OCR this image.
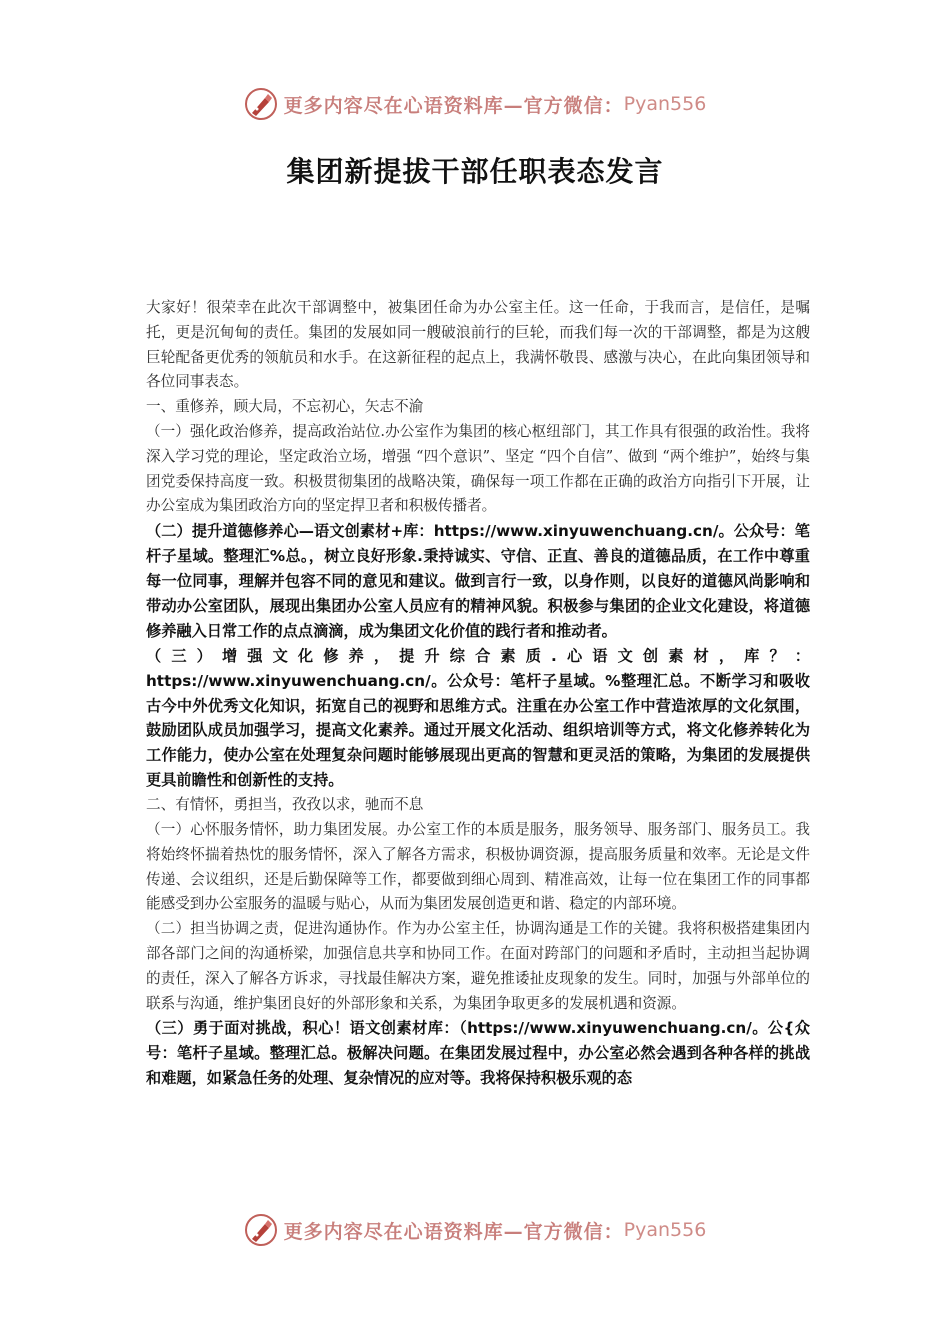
更多内容尽在心语资料库—官方微信： Pyan556
集团新提拔干部任职表态发言

大家好！很荣幸在此次干部调整中，被集团任命为办公室主任。这一任命，于我而言，是信任，是嘱托，更是沉甸甸的责任。集团的发展如同一艘破浪前行的巨轮，而我们每一次的干部调整，都是为这艘巨轮配备更优秀的领航员和水手。在这新征程的起点上，我满怀敬畏、感激与决心，在此向集团领导和各位同事表态。

一、重修养，顾大局，不忘初心，矢志不渝

（一）强化政治修养，提高政治站位.办公室作为集团的核心枢纽部门，其工作具有很强的政治性。我将深入学习党的理论，坚定政治立场，增强 “四个意识”、坚定 “四个自信”、做到 “两个维护”，始终与集团党委保持高度一致。积极贯彻集团的战略决策，确保每一项工作都在正确的政治方向指引下开展，让办公室成为集团政治方向的坚定捍卫者和积极传播者。

（二）提升道德修养心—语文创素材+库：https://www.xinyuwenchuang.cn/。公众号：笔杆子星域。整理汇%总。，树立良好形象.秉持诚实、守信、正直、善良的道德品质，在工作中尊重每一位同事，理解并包容不同的意见和建议。做到言行一致，以身作则，以良好的道德风尚影响和带动办公室团队，展现出集团办公室人员应有的精神风貌。积极参与集团的企业文化建设，将道德修养融入日常工作的点点滴滴，成为集团文化价值的践行者和推动者。

（三）增强文化修养，提升综合素质.心语文创素材，库？：https://www.xinyuwenchuang.cn/。公众号：笔杆子星域。%整理汇总。不断学习和吸收古今中外优秀文化知识，拓宽自己的视野和思维方式。注重在办公室工作中营造浓厚的文化氛围，鼓励团队成员加强学习，提高文化素养。通过开展文化活动、组织培训等方式，将文化修养转化为工作能力，使办公室在处理复杂问题时能够展现出更高的智慧和更灵活的策略，为集团的发展提供更具前瞻性和创新性的支持。

二、有情怀，勇担当，孜孜以求，驰而不息

（一）心怀服务情怀，助力集团发展。办公室工作的本质是服务，服务领导、服务部门、服务员工。我将始终怀揣着热忱的服务情怀，深入了解各方需求，积极协调资源，提高服务质量和效率。无论是文件传递、会议组织，还是后勤保障等工作，都要做到细心周到、精准高效，让每一位在集团工作的同事都能感受到办公室服务的温暖与贴心，从而为集团发展创造更和谐、稳定的内部环境。

（二）担当协调之责，促进沟通协作。作为办公室主任，协调沟通是工作的关键。我将积极搭建集团内部各部门之间的沟通桥梁，加强信息共享和协同工作。在面对跨部门的问题和矛盾时，主动担当起协调的责任，深入了解各方诉求，寻找最佳解决方案，避免推诿扯皮现象的发生。同时，加强与外部单位的联系与沟通，维护集团良好的外部形象和关系，为集团争取更多的发展机遇和资源。

（三）勇于面对挑战，积心！语文创素材库：（https://www.xinyuwenchuang.cn/。公{众号：笔杆子星域。整理汇总。极解决问题。在集团发展过程中，办公室必然会遇到各种各样的挑战和难题，如紧急任务的处理、复杂情况的应对等。我将保持积极乐观的态

更多内容尽在心语资料库—官方微信： Pyan556
